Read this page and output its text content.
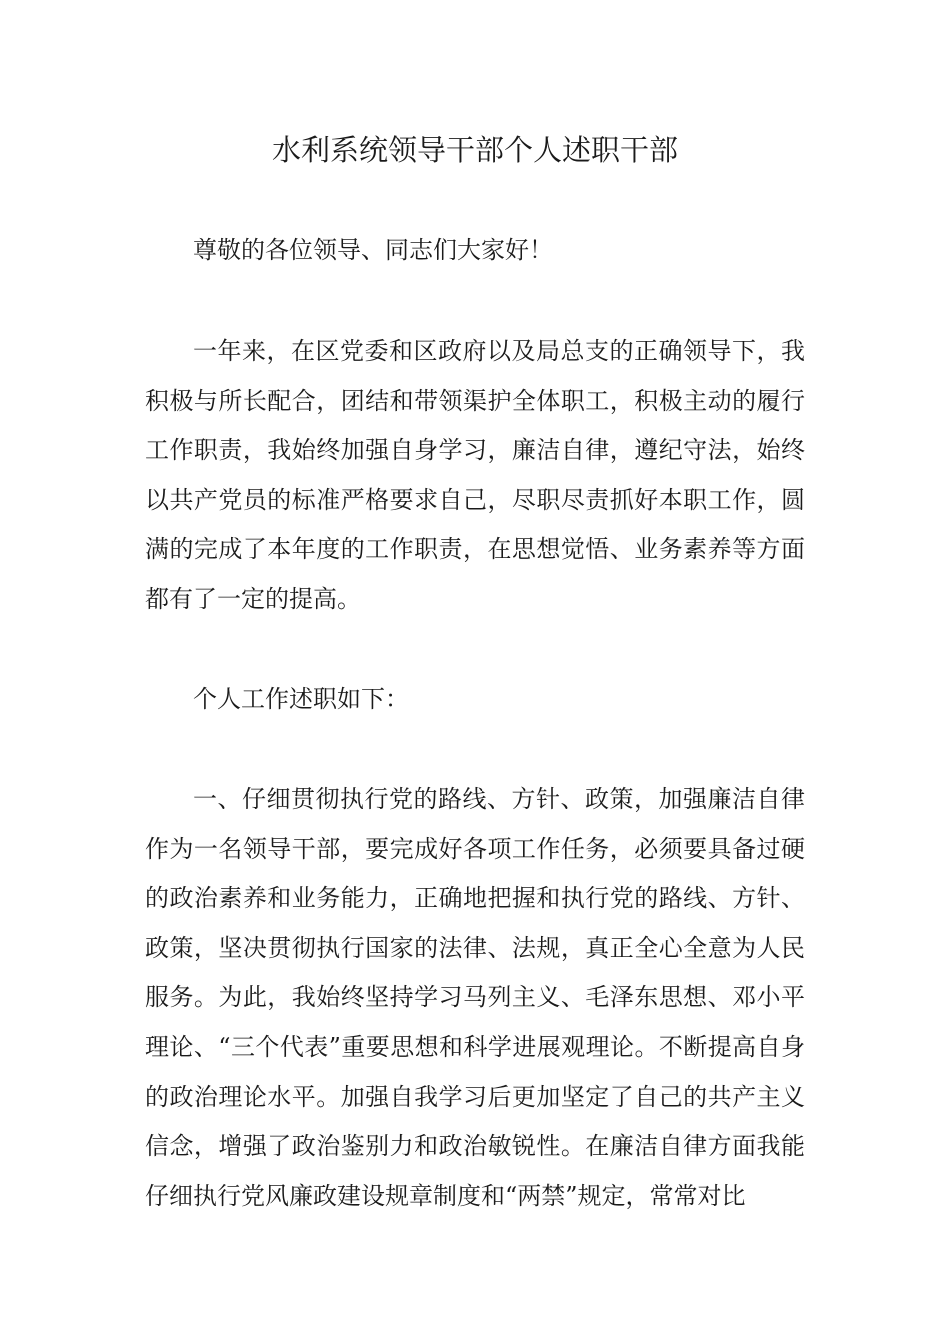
水利系统领导干部个人述职干部

尊敬的各位领导、同志们大家好！

一年来，在区党委和区政府以及局总支的正确领导下，我积极与所长配合，团结和带领渠护全体职工，积极主动的履行工作职责，我始终加强自身学习，廉洁自律，遵纪守法，始终以共产党员的标准严格要求自己，尽职尽责抓好本职工作，圆满的完成了本年度的工作职责，在思想觉悟、业务素养等方面都有了一定的提高。

个人工作述职如下：

一、仔细贯彻执行党的路线、方针、政策，加强廉洁自律作为一名领导干部，要完成好各项工作任务，必须要具备过硬的政治素养和业务能力，正确地把握和执行党的路线、方针、政策，坚决贯彻执行国家的法律、法规，真正全心全意为人民服务。为此，我始终坚持学习马列主义、毛泽东思想、邓小平理论、“三个代表”重要思想和科学进展观理论。不断提高自身的政治理论水平。加强自我学习后更加坚定了自己的共产主义信念，增强了政治鉴别力和政治敏锐性。在廉洁自律方面我能仔细执行党风廉政建设规章制度和“两禁”规定，常常对比
